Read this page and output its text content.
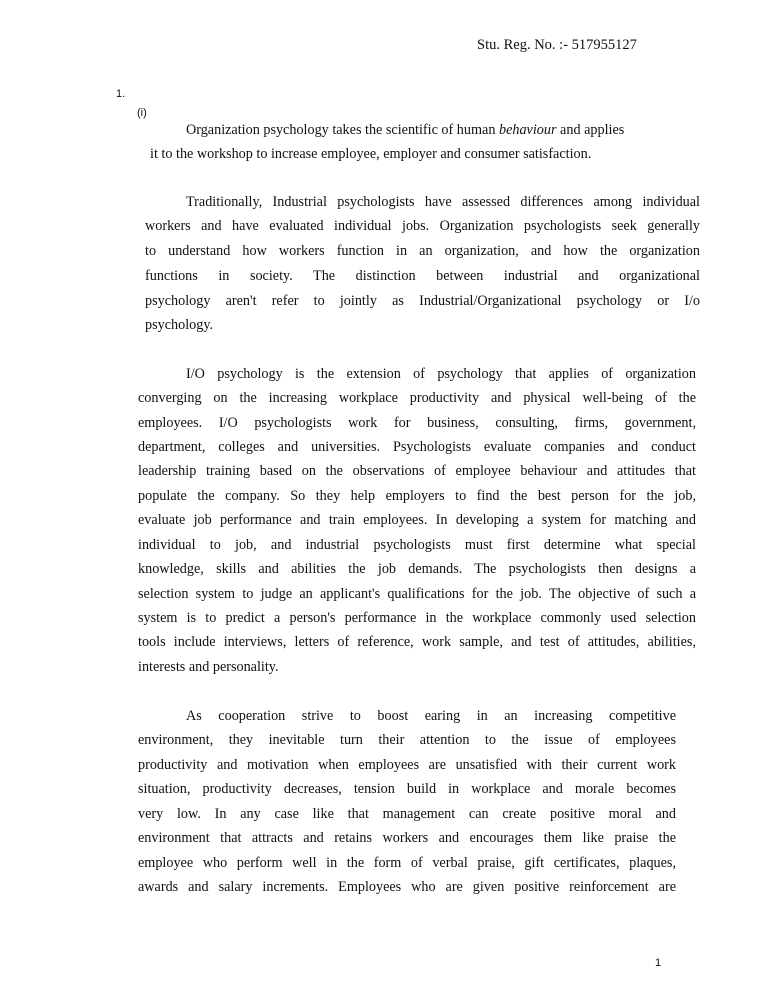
Stu. Reg. No. :- 517955127
1.
(i)
Organization psychology takes the scientific of human behaviour and applies
it to the workshop to increase employee, employer and consumer satisfaction.
Traditionally, Industrial psychologists have assessed differences among individual
workers and have evaluated individual jobs. Organization psychologists seek generally
to understand how workers function in an organization, and how the organization
functions in society. The distinction between industrial and organizational
psychology aren't refer to jointly as Industrial/Organizational psychology or I/o
psychology.
I/O psychology is the extension of psychology that applies of organization
converging on the increasing workplace productivity and physical well-being of the
employees. I/O psychologists work for business, consulting, firms, government,
department, colleges and universities. Psychologists evaluate companies and conduct
leadership training based on the observations of employee behaviour and attitudes that
populate the company. So they help employers to find the best person for the job,
evaluate job performance and train employees. In developing a system for matching and
individual to job, and industrial psychologists must first determine what special
knowledge, skills and abilities the job demands. The psychologists then designs a
selection system to judge an applicant's qualifications for the job. The objective of such a
system is to predict a person's performance in the workplace commonly used selection
tools include interviews, letters of reference, work sample, and test of attitudes, abilities,
interests and personality.
As cooperation strive to boost earing in an increasing competitive
environment, they inevitable turn their attention to the issue of employees
productivity and motivation when employees are unsatisfied with their current work
situation, productivity decreases, tension build in workplace and morale becomes
very low. In any case like that management can create positive moral and
environment that attracts and retains workers and encourages them like praise the
employee who perform well in the form of verbal praise, gift certificates, plaques,
awards and salary increments. Employees who are given positive reinforcement are
1
